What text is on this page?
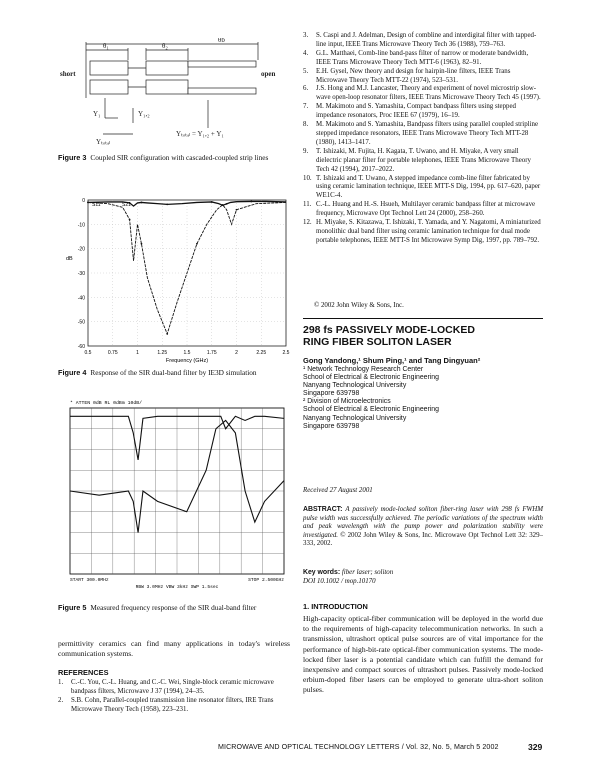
θ₁	θ₂
θb
short	open
Y₁	Y₁,₂
Yₜₒₜₐₗ
Yₜₒₜₐₗ = Y₁,₂ + Y₁
Figure 3 Coupled SIR configuration with cascaded-coupled strip lines
0.5	0.75	1	1.25	1.5	1.75	2	2.25	2.5
0
-10
-20
-30
-40
-50
-60
Frequency (GHz)
dB
S11	S21
Figure 4 Response of the SIR dual-band filter by IE3D simulation
* ATTEN 0dB RL 0dBm 10dB/
START 300.0MHz	STOP 2.500GHz
RBW 3.0MHz VBW 3kHz SWP 1.5sec
Figure 5 Measured frequency response of the SIR dual-band filter
permittivity ceramics can find many applications in today's wireless communication systems.
REFERENCES
1. C.-C. You, C.-L. Huang, and C.-C. Wei, Single-block ceramic microwave bandpass filters, Microwave J 37 (1994), 24–35.
2. S.B. Cohn, Parallel-coupled transmission line resonator filters, IRE Trans Microwave Theory Tech (1958), 223–231.
3. S. Caspi and J. Adelman, Design of combline and interdigital filter with tapped-line input, IEEE Trans Microwave Theory Tech 36 (1988), 759–763.
4. G.L. Matthaei, Comb-line band-pass filter of narrow or moderate bandwidth, IEEE Trans Microwave Theory Tech MTT-6 (1963), 82–91.
5. E.H. Gysel, New theory and design for hairpin-line filters, IEEE Trans Microwave Theory Tech MTT-22 (1974), 523–531.
6. J.S. Hong and M.J. Lancaster, Theory and experiment of novel microstrip slow-wave open-loop resonator filters, IEEE Trans Microwave Theory Tech 45 (1997).
7. M. Makimoto and S. Yamashita, Compact bandpass filters using stepped impedance resonators, Proc IEEE 67 (1979), 16–19.
8. M. Makimoto and S. Yamashita, Bandpass filters using parallel coupled stripline stepped impedance resonators, IEEE Trans Microwave Theory Tech MTT-28 (1980), 1413–1417.
9. T. Ishizaki, M. Fujita, H. Kagata, T. Uwano, and H. Miyake, A very small dielectric planar filter for portable telephones, IEEE Trans Microwave Theory Tech 42 (1994), 2017–2022.
10. T. Ishizaki and T. Uwano, A stepped impedance comb-line filter fabricated by using ceramic lamination technique, IEEE MTT-S Dig, 1994, pp. 617–620, paper WE1C-4.
11. C.-L. Huang and H.-S. Hsueh, Multilayer ceramic bandpass filter at microwave frequency, Microwave Opt Technol Lett 24 (2000), 258–260.
12. H. Miyake, S. Kitazawa, T. Ishizaki, T. Yamada, and Y. Nagatomi, A miniaturized monolithic dual band filter using ceramic lamination technique for dual mode portable telephones, IEEE MTT-S Int Microwave Symp Dig, 1997, pp. 789–792.
© 2002 John Wiley & Sons, Inc.
298 fs PASSIVELY MODE-LOCKED
RING FIBER SOLITON LASER
Gong Yandong,¹ Shum Ping,¹ and Tang Dingyuan²
¹ Network Technology Research Center
School of Electrical & Electronic Engineering
Nanyang Technological University
Singapore 639798
² Division of Microelectronics
School of Electrical & Electronic Engineering
Nanyang Technological University
Singapore 639798
Received 27 August 2001
ABSTRACT: A passively mode-locked soliton fiber-ring laser with 298 fs FWHM pulse width was successfully achieved. The periodic variations of the spectrum width and peak wavelength with the pump power and polarization stability were investigated. © 2002 John Wiley & Sons, Inc. Microwave Opt Technol Lett 32: 329–333, 2002.
Key words: fiber laser; soliton
DOI 10.1002 / mop.10170
1. INTRODUCTION
High-capacity optical-fiber communication will be deployed in the world due to the requirements of high-capacity telecommunication networks. In such a transmission, ultrashort optical pulse sources are of vital importance for the performance of high-bit-rate optical-fiber communication systems. The mode-locked fiber laser is a potential candidate which can fulfill the demand for inexpensive and compact sources of ultrashort pulses. Passively mode-locked erbium-doped fiber lasers can be employed to generate ultra-short soliton pulses.
MICROWAVE AND OPTICAL TECHNOLOGY LETTERS / Vol. 32, No. 5, March 5 2002	329
